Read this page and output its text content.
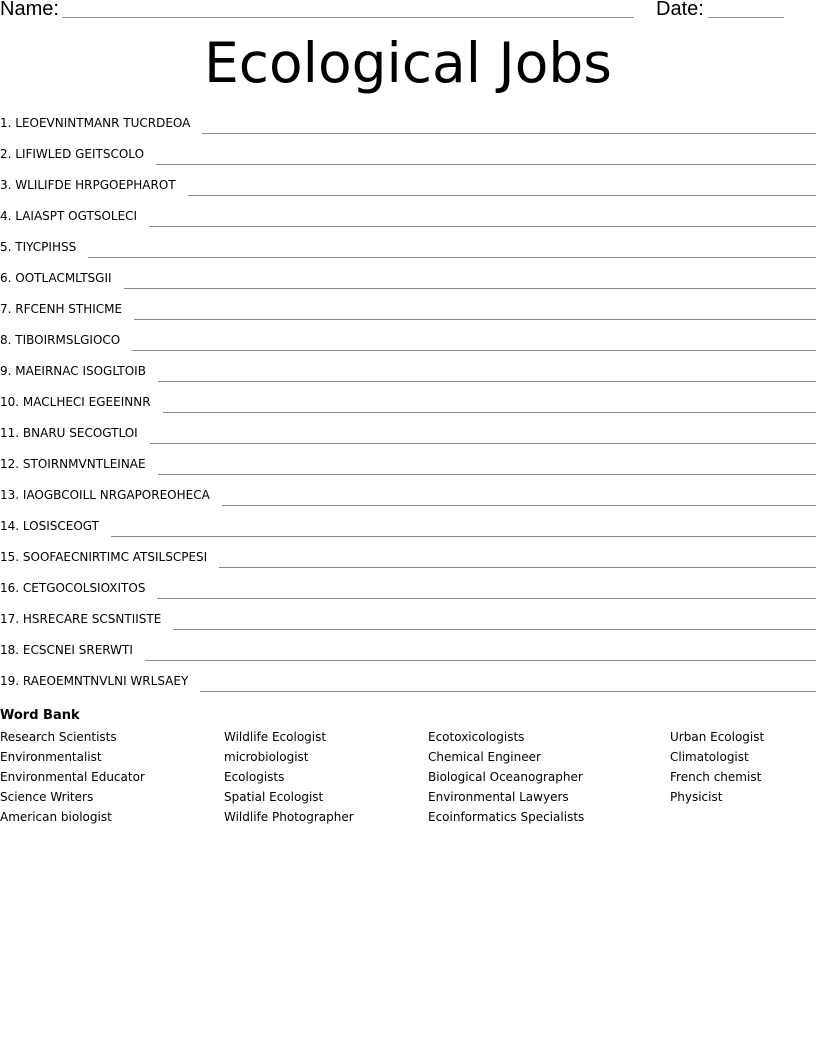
Name:	Date:
Ecological Jobs
1. LEOEVNINTMANR TUCRDEOA
2. LIFIWLED GEITSCOLO
3. WLILIFDE HRPGOEPHAROT
4. LAIASPT OGTSOLECI
5. TIYCPIHSS
6. OOTLACMLTSGII
7. RFCENH STHICME
8. TIBOIRMSLGIOCO
9. MAEIRNAC ISOGLTOIB
10. MACLHECI EGEEINNR
11. BNARU SECOGTLOI
12. STOIRNMVNTLEINAE
13. IAOGBCOILL NRGAPOREOHECA
14. LOSISCEOGT
15. SOOFAECNIRTIMC ATSILSCPESI
16. CETGOCOLSIOXITOS
17. HSRECARE SCSNTIISTE
18. ECSCNEI SRERWTI
19. RAEOEMNTNVLNI WRLSAEY
Word Bank
Research Scientists
Environmentalist
Environmental Educator
Science Writers
American biologist
Wildlife Ecologist
microbiologist
Ecologists
Spatial Ecologist
Wildlife Photographer
Ecotoxicologists
Chemical Engineer
Biological Oceanographer
Environmental Lawyers
Ecoinformatics Specialists
Urban Ecologist
Climatologist
French chemist
Physicist
